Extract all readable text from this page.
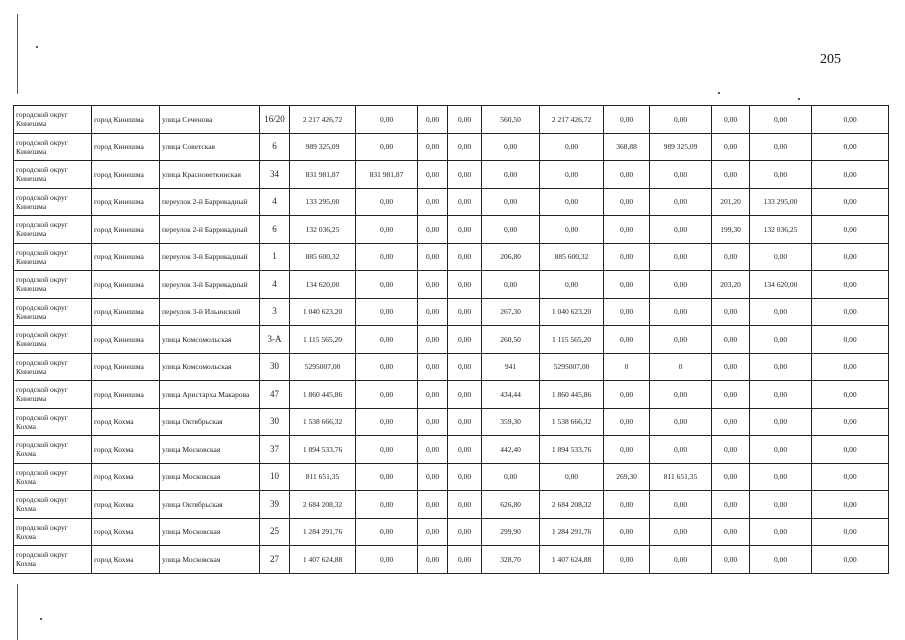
205
городской округ Кинешма	город Кинешма	улица Сеченова	16/20	2 217 426,72	0,00	0,00	0,00	560,50	2 217 426,72	0,00	0,00	0,00	0,00	0,00
городской округ Кинешма	город Кинешма	улица Советская	6	989 325,09	0,00	0,00	0,00	0,00	0,00	368,88	989 325,09	0,00	0,00	0,00
городской округ Кинешма	город Кинешма	улица Красноветкинская	34	831 981,87	831 981,87	0,00	0,00	0,00	0,00	0,00	0,00	0,00	0,00	0,00
городской округ Кинешма	город Кинешма	переулок 2-й Баррикадный	4	133 295,00	0,00	0,00	0,00	0,00	0,00	0,00	0,00	201,20	133 295,00	0,00
городской округ Кинешма	город Кинешма	переулок 2-й Баррикадный	6	132 036,25	0,00	0,00	0,00	0,00	0,00	0,00	0,00	199,30	132 036,25	0,00
городской округ Кинешма	город Кинешма	переулок 3-й Баррикадный	1	885 600,32	0,00	0,00	0,00	206,80	885 600,32	0,00	0,00	0,00	0,00	0,00
городской округ Кинешма	город Кинешма	переулок 3-й Баррикадный	4	134 620,00	0,00	0,00	0,00	0,00	0,00	0,00	0,00	203,20	134 620,00	0,00
городской округ Кинешма	город Кинешма	переулок 3-й Ильинский	3	1 040 623,20	0,00	0,00	0,00	267,30	1 040 623,20	0,00	0,00	0,00	0,00	0,00
городской округ Кинешма	город Кинешма	улица Комсомольская	3-А	1 115 565,20	0,00	0,00	0,00	260,50	1 115 565,20	0,00	0,00	0,00	0,00	0,00
городской округ Кинешма	город Кинешма	улица Комсомольская	30	5295007,00	0,00	0,00	0,00	941	5295007,00	0	0	0,00	0,00	0,00
городской округ Кинешма	город Кинешма	улица Аристарха Макарова	47	1 860 445,86	0,00	0,00	0,00	434,44	1 860 445,86	0,00	0,00	0,00	0,00	0,00
городской округ Кохма	город Кохма	улица Октябрьская	30	1 538 666,32	0,00	0,00	0,00	359,30	1 538 666,32	0,00	0,00	0,00	0,00	0,00
городской округ Кохма	город Кохма	улица Московская	37	1 894 533,76	0,00	0,00	0,00	442,40	1 894 533,76	0,00	0,00	0,00	0,00	0,00
городской округ Кохма	город Кохма	улица Московская	10	811 651,35	0,00	0,00	0,00	0,00	0,00	269,30	811 651,35	0,00	0,00	0,00
городской округ Кохма	город Кохма	улица Октябрьская	39	2 684 208,32	0,00	0,00	0,00	626,80	2 684 208,32	0,00	0,00	0,00	0,00	0,00
городской округ Кохма	город Кохма	улица Московская	25	1 284 291,76	0,00	0,00	0,00	299,90	1 284 291,76	0,00	0,00	0,00	0,00	0,00
городской округ Кохма	город Кохма	улица Московская	27	1 407 624,88	0,00	0,00	0,00	328,70	1 407 624,88	0,00	0,00	0,00	0,00	0,00
